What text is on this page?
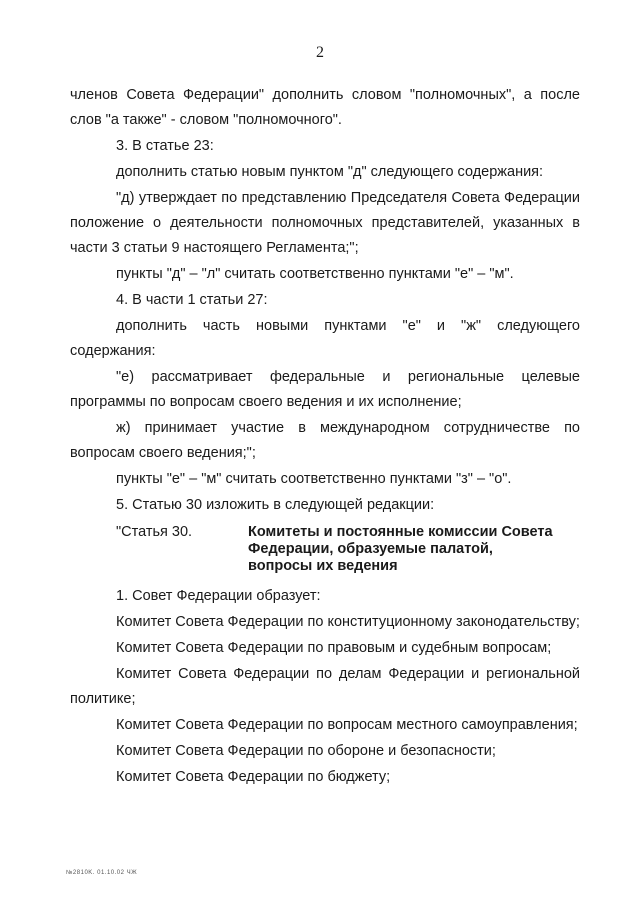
2

членов Совета Федерации" дополнить словом "полномочных", а после слов "а также" - словом "полномочного".

3. В статье 23:

дополнить статью новым пунктом "д" следующего содержания:

"д) утверждает по представлению Председателя Совета Федерации положение о деятельности полномочных представителей, указанных в части 3 статьи 9 настоящего Регламента;";

пункты "д" – "л" считать соответственно пунктами "е" – "м".

4. В части 1 статьи 27:

дополнить часть новыми пунктами "е" и "ж" следующего содержания:

"е) рассматривает федеральные и региональные целевые программы по вопросам своего ведения и их исполнение;

ж) принимает участие в международном сотрудничестве по вопросам своего ведения;";

пункты "е" – "м" считать соответственно пунктами "з" – "о".

5. Статью 30 изложить в следующей редакции:

"Статья 30.	Комитеты и постоянные комиссии Совета Федерации, образуемые палатой, вопросы их ведения

1. Совет Федерации образует:

Комитет Совета Федерации по конституционному законодательству;

Комитет Совета Федерации по правовым и судебным вопросам;

Комитет Совета Федерации по делам Федерации и региональной политике;

Комитет Совета Федерации по вопросам местного самоуправления;

Комитет Совета Федерации по обороне и безопасности;

Комитет Совета Федерации по бюджету;

№2810K. 01.10.02 ЧЖ
